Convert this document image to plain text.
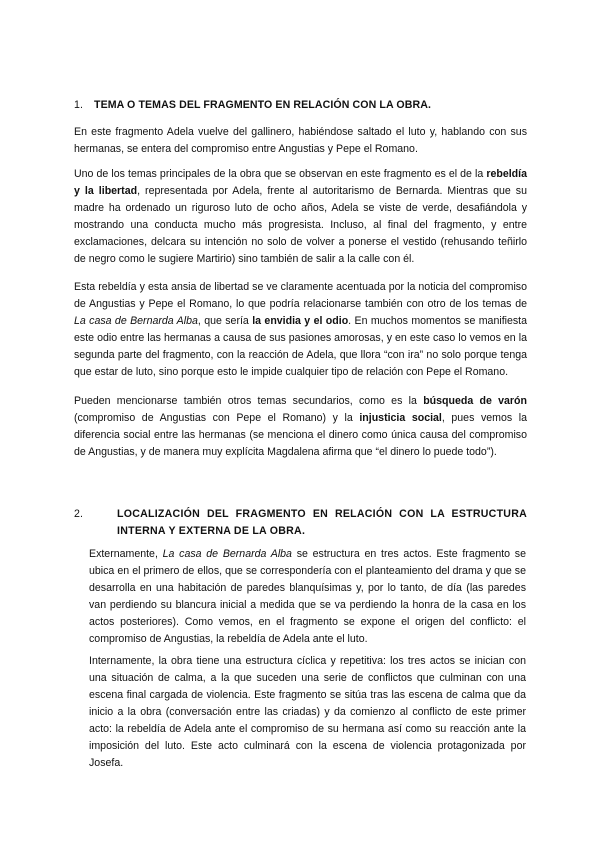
1. TEMA O TEMAS DEL FRAGMENTO EN RELACIÓN CON LA OBRA.

En este fragmento Adela vuelve del gallinero, habiéndose saltado el luto y, hablando con sus hermanas, se entera del compromiso entre Angustias y Pepe el Romano.

Uno de los temas principales de la obra que se observan en este fragmento es el de la rebeldía y la libertad, representada por Adela, frente al autoritarismo de Bernarda. Mientras que su madre ha ordenado un riguroso luto de ocho años, Adela se viste de verde, desafiándola y mostrando una conducta mucho más progresista. Incluso, al final del fragmento, y entre exclamaciones, delcara su intención no solo de volver a ponerse el vestido (rehusando teñirlo de negro como le sugiere Martirio) sino también de salir a la calle con él.

Esta rebeldía y esta ansia de libertad se ve claramente acentuada por la noticia del compromiso de Angustias y Pepe el Romano, lo que podría relacionarse también con otro de los temas de La casa de Bernarda Alba, que sería la envidia y el odio. En muchos momentos se manifiesta este odio entre las hermanas a causa de sus pasiones amorosas, y en este caso lo vemos en la segunda parte del fragmento, con la reacción de Adela, que llora “con ira” no solo porque tenga que estar de luto, sino porque esto le impide cualquier tipo de relación con Pepe el Romano.

Pueden mencionarse también otros temas secundarios, como es la búsqueda de varón (compromiso de Angustias con Pepe el Romano) y la injusticia social, pues vemos la diferencia social entre las hermanas (se menciona el dinero como única causa del compromiso de Angustias, y de manera muy explícita Magdalena afirma que “el dinero lo puede todo”).

2.	LOCALIZACIÓN DEL FRAGMENTO EN RELACIÓN CON LA ESTRUCTURA INTERNA Y EXTERNA DE LA OBRA.

Externamente, La casa de Bernarda Alba se estructura en tres actos. Este fragmento se ubica en el primero de ellos, que se correspondería con el planteamiento del drama y que se desarrolla en una habitación de paredes blanquísimas y, por lo tanto, de día (las paredes van perdiendo su blancura inicial a medida que se va perdiendo la honra de la casa en los actos posteriores). Como vemos, en el fragmento se expone el origen del conflicto: el compromiso de Angustias, la rebeldía de Adela ante el luto.

Internamente, la obra tiene una estructura cíclica y repetitiva: los tres actos se inician con una situación de calma, a la que suceden una serie de conflictos que culminan con una escena final cargada de violencia. Este fragmento se sitúa tras las escena de calma que da inicio a la obra (conversación entre las criadas) y da comienzo al conflicto de este primer acto: la rebeldía de Adela ante el compromiso de su hermana así como su reacción ante la imposición del luto. Este acto culminará con la escena de violencia protagonizada por Josefa.
